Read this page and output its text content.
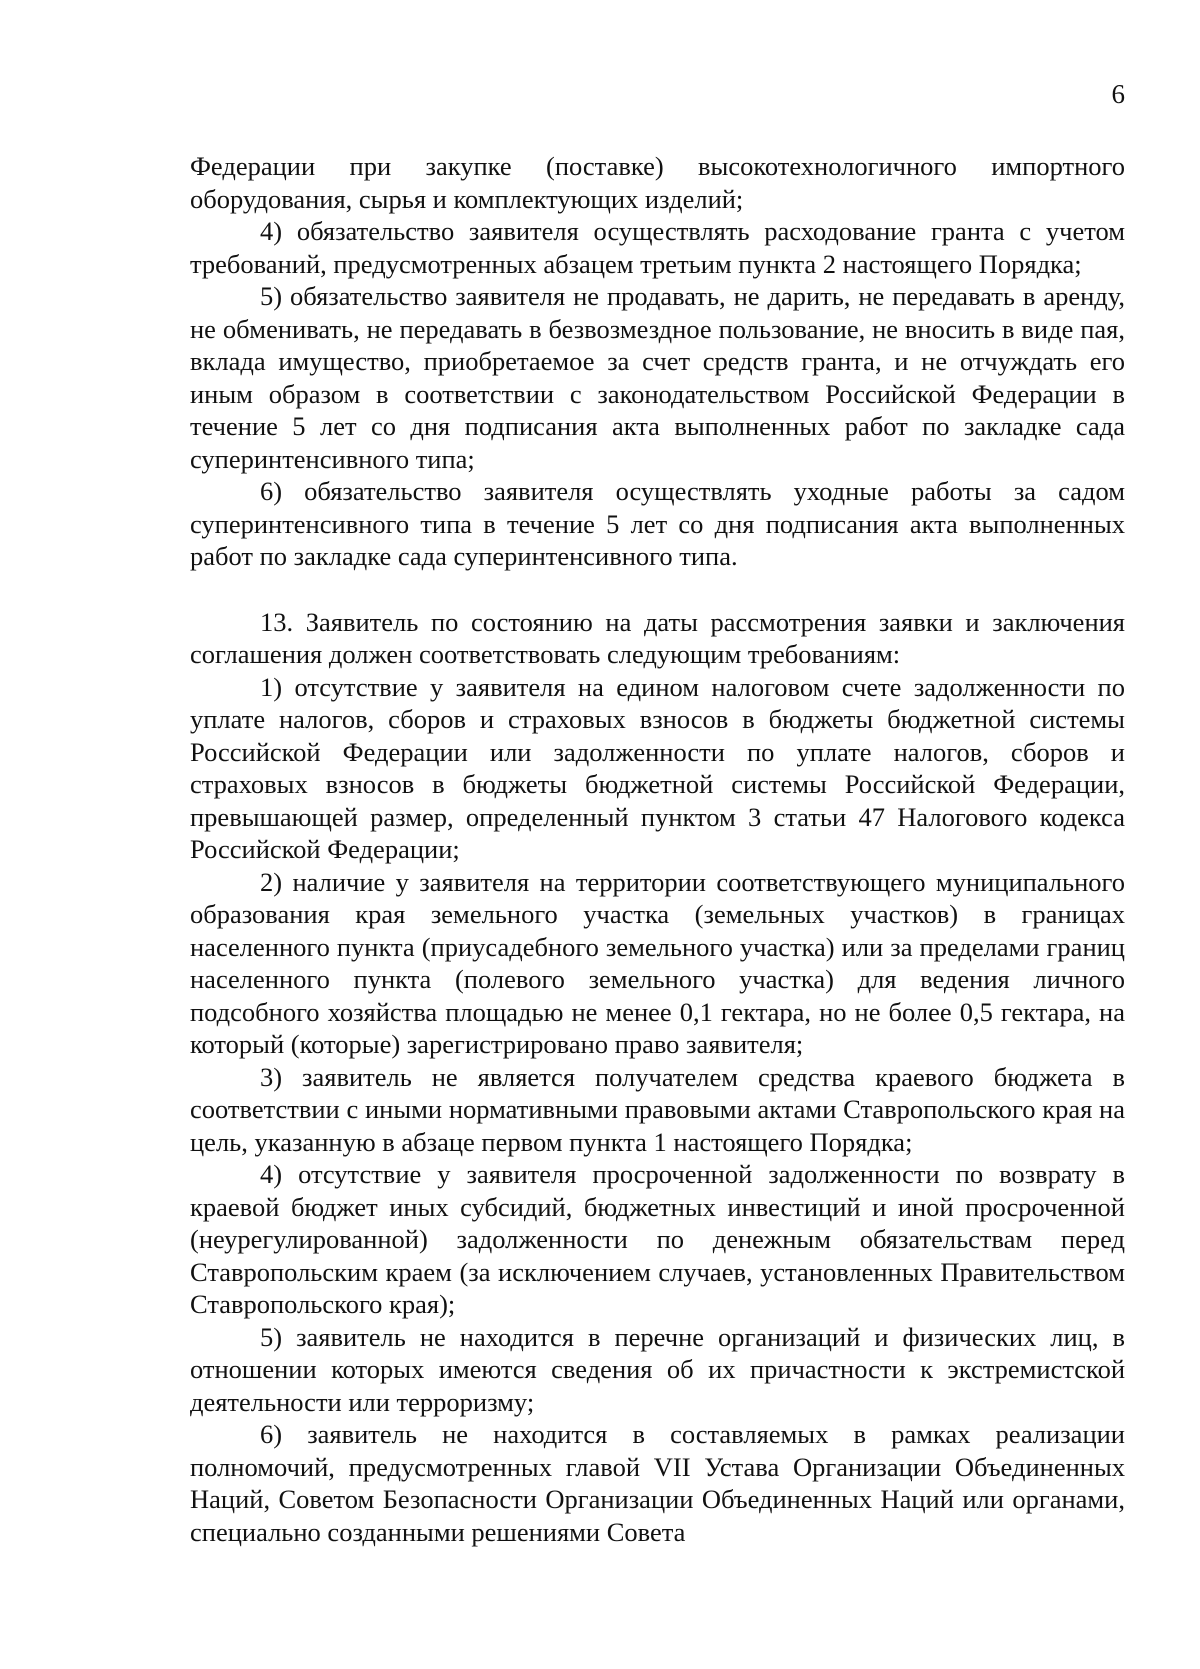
6

Федерации при закупке (поставке) высокотехнологичного импортного оборудования, сырья и комплектующих изделий;

4) обязательство заявителя осуществлять расходование гранта с учетом требований, предусмотренных абзацем третьим пункта 2 настоящего Порядка;

5) обязательство заявителя не продавать, не дарить, не передавать в аренду, не обменивать, не передавать в безвозмездное пользование, не вносить в виде пая, вклада имущество, приобретаемое за счет средств гранта, и не отчуждать его иным образом в соответствии с законодательством Российской Федерации в течение 5 лет со дня подписания акта выполненных работ по закладке сада суперинтенсивного типа;

6) обязательство заявителя осуществлять уходные работы за садом суперинтенсивного типа в течение 5 лет со дня подписания акта выполненных работ по закладке сада суперинтенсивного типа.

13. Заявитель по состоянию на даты рассмотрения заявки и заключения соглашения должен соответствовать следующим требованиям:

1) отсутствие у заявителя на едином налоговом счете задолженности по уплате налогов, сборов и страховых взносов в бюджеты бюджетной системы Российской Федерации или задолженности по уплате налогов, сборов и страховых взносов в бюджеты бюджетной системы Российской Федерации, превышающей размер, определенный пунктом 3 статьи 47 Налогового кодекса Российской Федерации;

2) наличие у заявителя на территории соответствующего муниципального образования края земельного участка (земельных участков) в границах населенного пункта (приусадебного земельного участка) или за пределами границ населенного пункта (полевого земельного участка) для ведения личного подсобного хозяйства площадью не менее 0,1 гектара, но не более 0,5 гектара, на который (которые) зарегистрировано право заявителя;

3) заявитель не является получателем средства краевого бюджета в соответствии с иными нормативными правовыми актами Ставропольского края на цель, указанную в абзаце первом пункта 1 настоящего Порядка;

4) отсутствие у заявителя просроченной задолженности по возврату в краевой бюджет иных субсидий, бюджетных инвестиций и иной просроченной (неурегулированной) задолженности по денежным обязательствам перед Ставропольским краем (за исключением случаев, установленных Правительством Ставропольского края);

5) заявитель не находится в перечне организаций и физических лиц, в отношении которых имеются сведения об их причастности к экстремистской деятельности или терроризму;

6) заявитель не находится в составляемых в рамках реализации полномочий, предусмотренных главой VII Устава Организации Объединенных Наций, Советом Безопасности Организации Объединенных Наций или органами, специально созданными решениями Совета
